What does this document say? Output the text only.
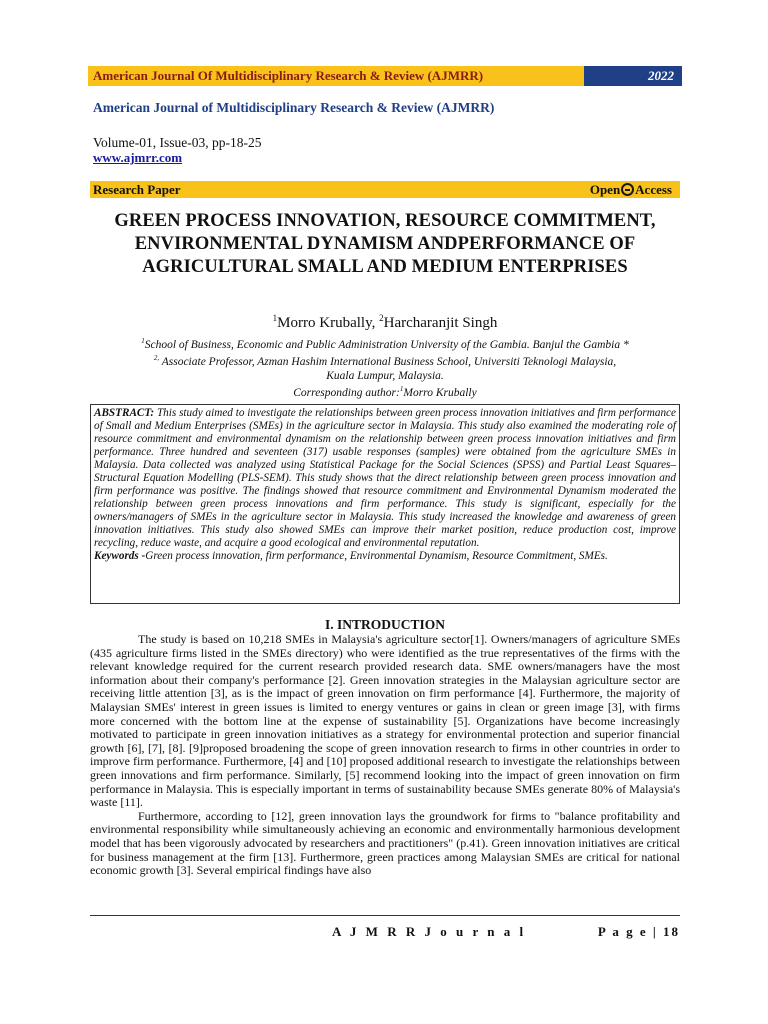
American Journal Of Multidisciplinary Research & Review (AJMRR)	2022
American Journal of Multidisciplinary Research & Review (AJMRR)
Volume-01, Issue-03, pp-18-25
www.ajmrr.com
Research Paper	Open Access
GREEN PROCESS INNOVATION, RESOURCE COMMITMENT, ENVIRONMENTAL DYNAMISM ANDPERFORMANCE OF AGRICULTURAL SMALL AND MEDIUM ENTERPRISES
$^1$Morro Krubally, $^2$Harcharanjit Singh
$^1$School of Business, Economic and Public Administration University of the Gambia. Banjul the Gambia *
$^{2,}$ Associate Professor, Azman Hashim International Business School, Universiti Teknologi Malaysia,
Kuala Lumpur, Malaysia.
Corresponding author:$^1$Morro Krubally
ABSTRACT: This study aimed to investigate the relationships between green process innovation initiatives and firm performance of Small and Medium Enterprises (SMEs) in the agriculture sector in Malaysia. This study also examined the moderating role of resource commitment and environmental dynamism on the relationship between green process innovation initiatives and firm performance. Three hundred and seventeen (317) usable responses (samples) were obtained from the agriculture SMEs in Malaysia. Data collected was analyzed using Statistical Package for the Social Sciences (SPSS) and Partial Least Squares–Structural Equation Modelling (PLS-SEM). This study shows that the direct relationship between green process innovation and firm performance was positive. The findings showed that resource commitment and Environmental Dynamism moderated the relationship between green process innovations and firm performance. This study is significant, especially for the owners/managers of SMEs in the agriculture sector in Malaysia. This study increased the knowledge and awareness of green innovation initiatives. This study also showed SMEs can improve their market position, reduce production cost, improve recycling, reduce waste, and acquire a good ecological and environmental reputation.
Keywords -Green process innovation, firm performance, Environmental Dynamism, Resource Commitment, SMEs.
I. INTRODUCTION

The study is based on 10,218 SMEs in Malaysia's agriculture sector[1]. Owners/managers of agriculture SMEs (435 agriculture firms listed in the SMEs directory) who were identified as the true representatives of the firms with the relevant knowledge required for the current research provided research data. SME owners/managers have the most information about their company's performance [2]. Green innovation strategies in the Malaysian agriculture sector are receiving little attention [3], as is the impact of green innovation on firm performance [4]. Furthermore, the majority of Malaysian SMEs' interest in green issues is limited to energy ventures or gains in clean or green image [3], with firms more concerned with the bottom line at the expense of sustainability [5]. Organizations have become increasingly motivated to participate in green innovation initiatives as a strategy for environmental protection and superior financial growth [6], [7], [8]. [9]proposed broadening the scope of green innovation research to firms in other countries in order to improve firm performance. Furthermore, [4] and [10] proposed additional research to investigate the relationships between green innovations and firm performance. Similarly, [5] recommend looking into the impact of green innovation on firm performance in Malaysia. This is especially important in terms of sustainability because SMEs generate 80% of Malaysia's waste [11].

Furthermore, according to [12], green innovation lays the groundwork for firms to "balance profitability and environmental responsibility while simultaneously achieving an economic and environmentally harmonious development model that has been vigorously advocated by researchers and practitioners" (p.41). Green innovation initiatives are critical for business management at the firm [13]. Furthermore, green practices among Malaysian SMEs are critical for national economic growth [3]. Several empirical findings have also

A J M R R J o u r n a l	P a g e | 18
